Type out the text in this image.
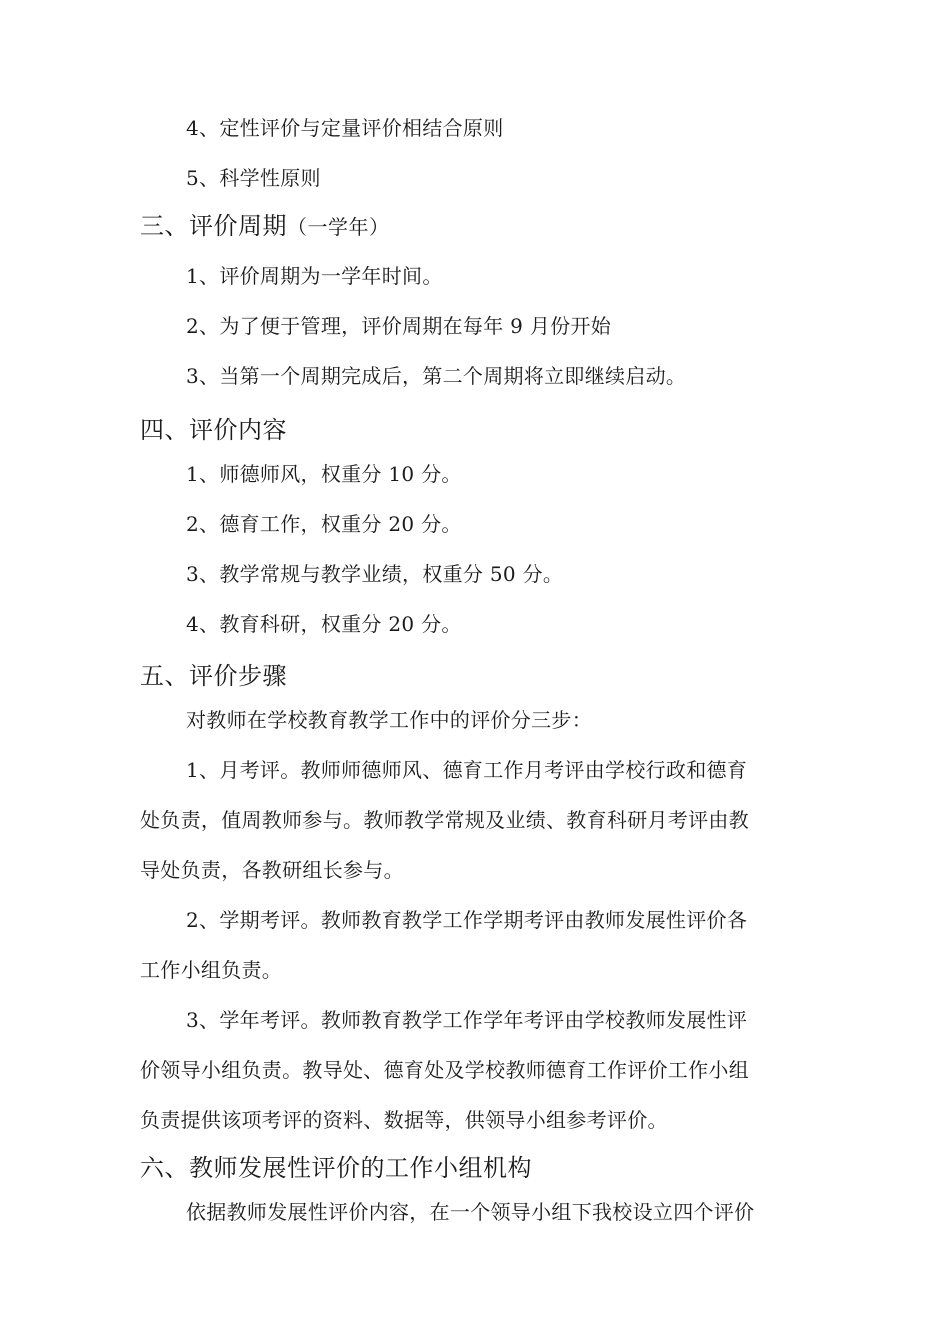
4、定性评价与定量评价相结合原则
5、科学性原则
三、评价周期（一学年）
1、评价周期为一学年时间。
2、为了便于管理，评价周期在每年 9 月份开始
3、当第一个周期完成后，第二个周期将立即继续启动。
四、评价内容
1、师德师风，权重分 10 分。
2、德育工作，权重分 20 分。
3、教学常规与教学业绩，权重分 50 分。
4、教育科研，权重分 20 分。
五、评价步骤
对教师在学校教育教学工作中的评价分三步：
1、月考评。教师师德师风、德育工作月考评由学校行政和德育
处负责，值周教师参与。教师教学常规及业绩、教育科研月考评由教
导处负责，各教研组长参与。
2、学期考评。教师教育教学工作学期考评由教师发展性评价各
工作小组负责。
3、学年考评。教师教育教学工作学年考评由学校教师发展性评
价领导小组负责。教导处、德育处及学校教师德育工作评价工作小组
负责提供该项考评的资料、数据等，供领导小组参考评价。
六、教师发展性评价的工作小组机构
依据教师发展性评价内容，在一个领导小组下我校设立四个评价
